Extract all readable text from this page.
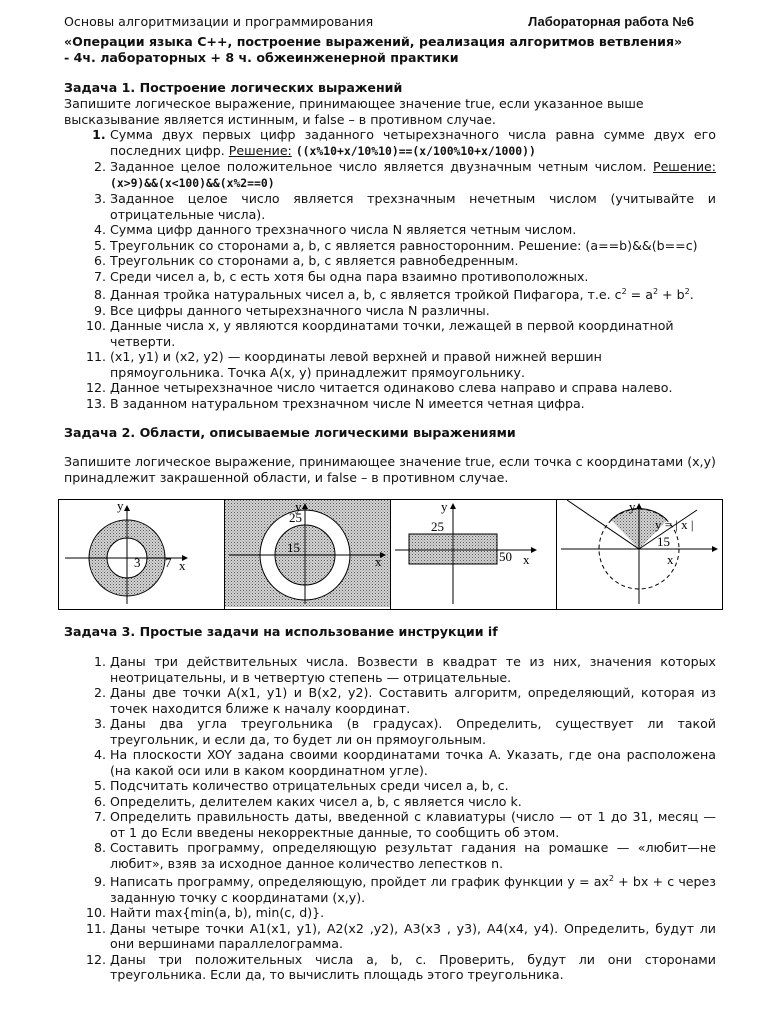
Основы алгоритмизации и программирования	Лабораторная работа №6
«Операции языка С++, построение выражений, реализация алгоритмов ветвления»
- 4ч. лабораторных + 8 ч. обжеинженерной практики
Задача 1. Построение логических выражений

Запишите логическое выражение, принимающее значение true, если указанное выше высказывание является истинным, и false – в противном случае.

1. Сумма двух первых цифр заданного четырехзначного числа равна сумме двух его последних цифр. Решение: ((x%10+x/10%10)==(x/100%10+x/1000))
2. Заданное целое положительное число является двузначным четным числом. Решение: (x>9)&&(x<100)&&(x%2==0)
3. Заданное целое число является трехзначным нечетным числом (учитывайте и отрицательные числа).
4. Сумма цифр данного трехзначного числа N является четным числом.
5. Треугольник со сторонами a, b, c является равносторонним. Решение: (a==b)&&(b==c)
6. Треугольник со сторонами a, b, c является равнобедренным.
7. Среди чисел a, b, c есть хотя бы одна пара взаимно противоположных.
8. Данная тройка натуральных чисел a, b, c является тройкой Пифагора, т.е. $c^2 = a^2 + b^2$.
9. Все цифры данного четырехзначного числа N различны.
10. Данные числа x, y являются координатами точки, лежащей в первой координатной четверти.
11. (x1, y1) и (x2, y2) — координаты левой верхней и правой нижней вершин прямоугольника. Точка A(x, y) принадлежит прямоугольнику.
12. Данное четырехзначное число читается одинаково слева направо и справа налево.
13. В заданном натуральном трехзначном числе N имеется четная цифра.
Задача 2. Области, описываемые логическими выражениями

Запишите логическое выражение, принимающее значение true, если точка с координатами (x,y) принадлежит закрашенной области, и false – в противном случае.

y
x
3 7
y
x
25
15
y
x
25
50
y
x
y = | x |
15
Задача 3. Простые задачи на использование инструкции if
1. Даны три действительных числа. Возвести в квадрат те из них, значения которых неотрицательны, и в четвертую степень — отрицательные.
2. Даны две точки A(x1, y1) и B(x2, y2). Составить алгоритм, определяющий, которая из точек находится ближе к началу координат.
3. Даны два угла треугольника (в градусах). Определить, существует ли такой треугольник, и если да, то будет ли он прямоугольным.
4. На плоскости XOY задана своими координатами точка A. Указать, где она расположена (на какой оси или в каком координатном угле).
5. Подсчитать количество отрицательных среди чисел a, b, c.
6. Определить, делителем каких чисел a, b, c является число k.
7. Определить правильность даты, введенной с клавиатуры (число — от 1 до 31, месяц — от 1 до Если введены некорректные данные, то сообщить об этом.
8. Составить программу, определяющую результат гадания на ромашке — «любит—не любит», взяв за исходное данное количество лепестков n.
9. Написать программу, определяющую, пройдет ли график функции $y = ax^2$ + bx + c через заданную точку с координатами (x,y).
10. Найти max{min(a, b), min(c, d)}.
11. Даны четыре точки A1(x1, y1), A2(x2 ,y2), A3(x3 , y3), A4(x4, y4). Определить, будут ли они вершинами параллелограмма.
12. Даны три положительных числа a, b, c. Проверить, будут ли они сторонами треугольника. Если да, то вычислить площадь этого треугольника.
